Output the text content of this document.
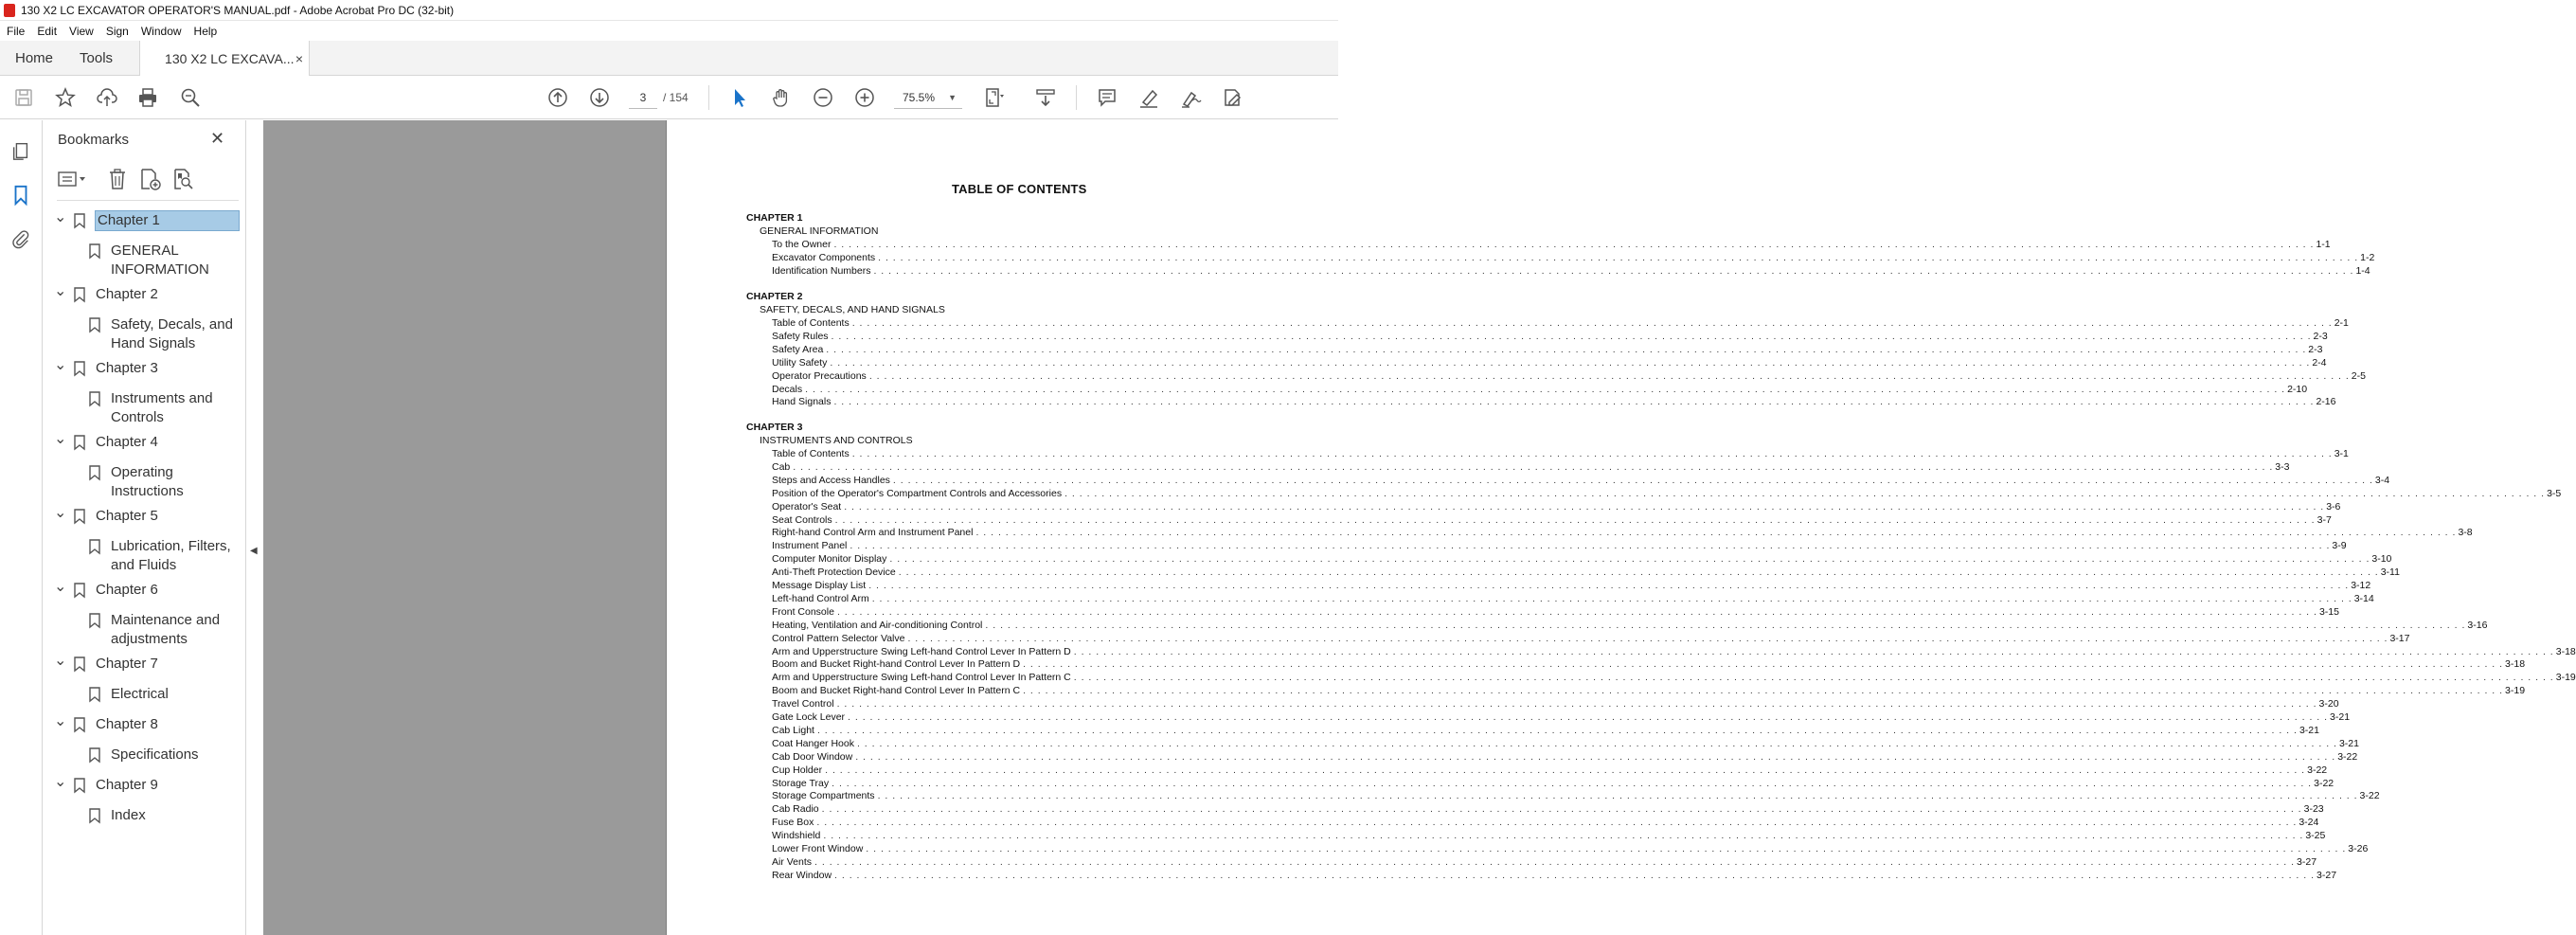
130 X2 LC EXCAVATOR OPERATOR'S MANUAL.pdf - Adobe Acrobat Pro DC (32-bit)
File	Edit	View	Sign	Window	Help
Home	Tools	130 X2 LC EXCAVA... ×
3	/ 154	75.5% ▼
Bookmarks	✕
⌄ Chapter 1
GENERAL
INFORMATION
⌄ Chapter 2
Safety, Decals, and
Hand Signals
⌄ Chapter 3
Instruments and
Controls
⌄ Chapter 4
Operating
Instructions
⌄ Chapter 5
Lubrication, Filters,
and Fluids
⌄ Chapter 6
Maintenance and
adjustments
⌄ Chapter 7
Electrical
⌄ Chapter 8
Specifications
⌄ Chapter 9
Index
◀
TABLE OF CONTENTS
CHAPTER 1
GENERAL INFORMATION
To the Owner . . . . . . . . . . . . . . . . . . . . . . . . . . . . . . . . . . . . . . . . . . . . . . . . . . . . . . . . . . . . . . . . . . . . . . . . . . . . . . . . . . . . . . . . . . . . . . . . . . . . . . . . . . . . . . . . . . . . . . . . . . . . . . . . . . . . . . . . . . . . . . . . . . . . . . . . . . . . . . . . . . . . . . . . . . . . . . . . . . . . . . . . . . . . . . . . . . . . . . . . 1-1
Excavator Components . . . . . . . . . . . . . . . . . . . . . . . . . . . . . . . . . . . . . . . . . . . . . . . . . . . . . . . . . . . . . . . . . . . . . . . . . . . . . . . . . . . . . . . . . . . . . . . . . . . . . . . . . . . . . . . . . . . . . . . . . . . . . . . . . . . . . . . . . . . . . . . . . . . . . . . . . . . . . . . . . . . . . . . . . . . . . . . . . . . . . . . . . . . . . . . . . . . . . . . . 1-2
Identification Numbers . . . . . . . . . . . . . . . . . . . . . . . . . . . . . . . . . . . . . . . . . . . . . . . . . . . . . . . . . . . . . . . . . . . . . . . . . . . . . . . . . . . . . . . . . . . . . . . . . . . . . . . . . . . . . . . . . . . . . . . . . . . . . . . . . . . . . . . . . . . . . . . . . . . . . . . . . . . . . . . . . . . . . . . . . . . . . . . . . . . . . . . . . . . . . . . . . . . . . . . . 1-4
CHAPTER 2
SAFETY, DECALS, AND HAND SIGNALS
Table of Contents . . . . . . . . . . . . . . . . . . . . . . . . . . . . . . . . . . . . . . . . . . . . . . . . . . . . . . . . . . . . . . . . . . . . . . . . . . . . . . . . . . . . . . . . . . . . . . . . . . . . . . . . . . . . . . . . . . . . . . . . . . . . . . . . . . . . . . . . . . . . . . . . . . . . . . . . . . . . . . . . . . . . . . . . . . . . . . . . . . . . . . . . . . . . . . . . . . . . . . . . 2-1
Safety Rules . . . . . . . . . . . . . . . . . . . . . . . . . . . . . . . . . . . . . . . . . . . . . . . . . . . . . . . . . . . . . . . . . . . . . . . . . . . . . . . . . . . . . . . . . . . . . . . . . . . . . . . . . . . . . . . . . . . . . . . . . . . . . . . . . . . . . . . . . . . . . . . . . . . . . . . . . . . . . . . . . . . . . . . . . . . . . . . . . . . . . . . . . . . . . . . . . . . . . . . . 2-3
Safety Area . . . . . . . . . . . . . . . . . . . . . . . . . . . . . . . . . . . . . . . . . . . . . . . . . . . . . . . . . . . . . . . . . . . . . . . . . . . . . . . . . . . . . . . . . . . . . . . . . . . . . . . . . . . . . . . . . . . . . . . . . . . . . . . . . . . . . . . . . . . . . . . . . . . . . . . . . . . . . . . . . . . . . . . . . . . . . . . . . . . . . . . . . . . . . . . . . . . . . . . . 2-3
Utility Safety . . . . . . . . . . . . . . . . . . . . . . . . . . . . . . . . . . . . . . . . . . . . . . . . . . . . . . . . . . . . . . . . . . . . . . . . . . . . . . . . . . . . . . . . . . . . . . . . . . . . . . . . . . . . . . . . . . . . . . . . . . . . . . . . . . . . . . . . . . . . . . . . . . . . . . . . . . . . . . . . . . . . . . . . . . . . . . . . . . . . . . . . . . . . . . . . . . . . . . . . 2-4
Operator Precautions . . . . . . . . . . . . . . . . . . . . . . . . . . . . . . . . . . . . . . . . . . . . . . . . . . . . . . . . . . . . . . . . . . . . . . . . . . . . . . . . . . . . . . . . . . . . . . . . . . . . . . . . . . . . . . . . . . . . . . . . . . . . . . . . . . . . . . . . . . . . . . . . . . . . . . . . . . . . . . . . . . . . . . . . . . . . . . . . . . . . . . . . . . . . . . . . . . . . . . . . 2-5
Decals . . . . . . . . . . . . . . . . . . . . . . . . . . . . . . . . . . . . . . . . . . . . . . . . . . . . . . . . . . . . . . . . . . . . . . . . . . . . . . . . . . . . . . . . . . . . . . . . . . . . . . . . . . . . . . . . . . . . . . . . . . . . . . . . . . . . . . . . . . . . . . . . . . . . . . . . . . . . . . . . . . . . . . . . . . . . . . . . . . . . . . . . . . . . . . . . . . . . . . . . 2-10
Hand Signals . . . . . . . . . . . . . . . . . . . . . . . . . . . . . . . . . . . . . . . . . . . . . . . . . . . . . . . . . . . . . . . . . . . . . . . . . . . . . . . . . . . . . . . . . . . . . . . . . . . . . . . . . . . . . . . . . . . . . . . . . . . . . . . . . . . . . . . . . . . . . . . . . . . . . . . . . . . . . . . . . . . . . . . . . . . . . . . . . . . . . . . . . . . . . . . . . . . . . . . . 2-16
CHAPTER 3
INSTRUMENTS AND CONTROLS
Table of Contents . . . . . . . . . . . . . . . . . . . . . . . . . . . . . . . . . . . . . . . . . . . . . . . . . . . . . . . . . . . . . . . . . . . . . . . . . . . . . . . . . . . . . . . . . . . . . . . . . . . . . . . . . . . . . . . . . . . . . . . . . . . . . . . . . . . . . . . . . . . . . . . . . . . . . . . . . . . . . . . . . . . . . . . . . . . . . . . . . . . . . . . . . . . . . . . . . . . . . . . . 3-1
Cab . . . . . . . . . . . . . . . . . . . . . . . . . . . . . . . . . . . . . . . . . . . . . . . . . . . . . . . . . . . . . . . . . . . . . . . . . . . . . . . . . . . . . . . . . . . . . . . . . . . . . . . . . . . . . . . . . . . . . . . . . . . . . . . . . . . . . . . . . . . . . . . . . . . . . . . . . . . . . . . . . . . . . . . . . . . . . . . . . . . . . . . . . . . . . . . . . . . . . . . . 3-3
Steps and Access Handles . . . . . . . . . . . . . . . . . . . . . . . . . . . . . . . . . . . . . . . . . . . . . . . . . . . . . . . . . . . . . . . . . . . . . . . . . . . . . . . . . . . . . . . . . . . . . . . . . . . . . . . . . . . . . . . . . . . . . . . . . . . . . . . . . . . . . . . . . . . . . . . . . . . . . . . . . . . . . . . . . . . . . . . . . . . . . . . . . . . . . . . . . . . . . . . . . . . . . . . . 3-4
Position of the Operator's Compartment Controls and Accessories . . . . . . . . . . . . . . . . . . . . . . . . . . . . . . . . . . . . . . . . . . . . . . . . . . . . . . . . . . . . . . . . . . . . . . . . . . . . . . . . . . . . . . . . . . . . . . . . . . . . . . . . . . . . . . . . . . . . . . . . . . . . . . . . . . . . . . . . . . . . . . . . . . . . . . . . . . . . . . . . . . . . . . . . . . . . . . . . . . . . . . . . . . . . . . . . . . . . . . . . 3-5
Operator's Seat . . . . . . . . . . . . . . . . . . . . . . . . . . . . . . . . . . . . . . . . . . . . . . . . . . . . . . . . . . . . . . . . . . . . . . . . . . . . . . . . . . . . . . . . . . . . . . . . . . . . . . . . . . . . . . . . . . . . . . . . . . . . . . . . . . . . . . . . . . . . . . . . . . . . . . . . . . . . . . . . . . . . . . . . . . . . . . . . . . . . . . . . . . . . . . . . . . . . . . . . 3-6
Seat Controls . . . . . . . . . . . . . . . . . . . . . . . . . . . . . . . . . . . . . . . . . . . . . . . . . . . . . . . . . . . . . . . . . . . . . . . . . . . . . . . . . . . . . . . . . . . . . . . . . . . . . . . . . . . . . . . . . . . . . . . . . . . . . . . . . . . . . . . . . . . . . . . . . . . . . . . . . . . . . . . . . . . . . . . . . . . . . . . . . . . . . . . . . . . . . . . . . . . . . . . . 3-7
Right-hand Control Arm and Instrument Panel . . . . . . . . . . . . . . . . . . . . . . . . . . . . . . . . . . . . . . . . . . . . . . . . . . . . . . . . . . . . . . . . . . . . . . . . . . . . . . . . . . . . . . . . . . . . . . . . . . . . . . . . . . . . . . . . . . . . . . . . . . . . . . . . . . . . . . . . . . . . . . . . . . . . . . . . . . . . . . . . . . . . . . . . . . . . . . . . . . . . . . . . . . . . . . . . . . . . . . . . 3-8
Instrument Panel . . . . . . . . . . . . . . . . . . . . . . . . . . . . . . . . . . . . . . . . . . . . . . . . . . . . . . . . . . . . . . . . . . . . . . . . . . . . . . . . . . . . . . . . . . . . . . . . . . . . . . . . . . . . . . . . . . . . . . . . . . . . . . . . . . . . . . . . . . . . . . . . . . . . . . . . . . . . . . . . . . . . . . . . . . . . . . . . . . . . . . . . . . . . . . . . . . . . . . . . 3-9
Computer Monitor Display . . . . . . . . . . . . . . . . . . . . . . . . . . . . . . . . . . . . . . . . . . . . . . . . . . . . . . . . . . . . . . . . . . . . . . . . . . . . . . . . . . . . . . . . . . . . . . . . . . . . . . . . . . . . . . . . . . . . . . . . . . . . . . . . . . . . . . . . . . . . . . . . . . . . . . . . . . . . . . . . . . . . . . . . . . . . . . . . . . . . . . . . . . . . . . . . . . . . . . . . 3-10
Anti-Theft Protection Device . . . . . . . . . . . . . . . . . . . . . . . . . . . . . . . . . . . . . . . . . . . . . . . . . . . . . . . . . . . . . . . . . . . . . . . . . . . . . . . . . . . . . . . . . . . . . . . . . . . . . . . . . . . . . . . . . . . . . . . . . . . . . . . . . . . . . . . . . . . . . . . . . . . . . . . . . . . . . . . . . . . . . . . . . . . . . . . . . . . . . . . . . . . . . . . . . . . . . . . . 3-11
Message Display List . . . . . . . . . . . . . . . . . . . . . . . . . . . . . . . . . . . . . . . . . . . . . . . . . . . . . . . . . . . . . . . . . . . . . . . . . . . . . . . . . . . . . . . . . . . . . . . . . . . . . . . . . . . . . . . . . . . . . . . . . . . . . . . . . . . . . . . . . . . . . . . . . . . . . . . . . . . . . . . . . . . . . . . . . . . . . . . . . . . . . . . . . . . . . . . . . . . . . . . . 3-12
Left-hand Control Arm . . . . . . . . . . . . . . . . . . . . . . . . . . . . . . . . . . . . . . . . . . . . . . . . . . . . . . . . . . . . . . . . . . . . . . . . . . . . . . . . . . . . . . . . . . . . . . . . . . . . . . . . . . . . . . . . . . . . . . . . . . . . . . . . . . . . . . . . . . . . . . . . . . . . . . . . . . . . . . . . . . . . . . . . . . . . . . . . . . . . . . . . . . . . . . . . . . . . . . . . 3-14
Front Console . . . . . . . . . . . . . . . . . . . . . . . . . . . . . . . . . . . . . . . . . . . . . . . . . . . . . . . . . . . . . . . . . . . . . . . . . . . . . . . . . . . . . . . . . . . . . . . . . . . . . . . . . . . . . . . . . . . . . . . . . . . . . . . . . . . . . . . . . . . . . . . . . . . . . . . . . . . . . . . . . . . . . . . . . . . . . . . . . . . . . . . . . . . . . . . . . . . . . . . . 3-15
Heating, Ventilation and Air-conditioning Control . . . . . . . . . . . . . . . . . . . . . . . . . . . . . . . . . . . . . . . . . . . . . . . . . . . . . . . . . . . . . . . . . . . . . . . . . . . . . . . . . . . . . . . . . . . . . . . . . . . . . . . . . . . . . . . . . . . . . . . . . . . . . . . . . . . . . . . . . . . . . . . . . . . . . . . . . . . . . . . . . . . . . . . . . . . . . . . . . . . . . . . . . . . . . . . . . . . . . . . . 3-16
Control Pattern Selector Valve . . . . . . . . . . . . . . . . . . . . . . . . . . . . . . . . . . . . . . . . . . . . . . . . . . . . . . . . . . . . . . . . . . . . . . . . . . . . . . . . . . . . . . . . . . . . . . . . . . . . . . . . . . . . . . . . . . . . . . . . . . . . . . . . . . . . . . . . . . . . . . . . . . . . . . . . . . . . . . . . . . . . . . . . . . . . . . . . . . . . . . . . . . . . . . . . . . . . . . . . 3-17
Arm and Upperstructure Swing Left-hand Control Lever In Pattern D . . . . . . . . . . . . . . . . . . . . . . . . . . . . . . . . . . . . . . . . . . . . . . . . . . . . . . . . . . . . . . . . . . . . . . . . . . . . . . . . . . . . . . . . . . . . . . . . . . . . . . . . . . . . . . . . . . . . . . . . . . . . . . . . . . . . . . . . . . . . . . . . . . . . . . . . . . . . . . . . . . . . . . . . . . . . . . . . . . . . . . . . . . . . . . . . . . . . . . . . 3-18
Boom and Bucket Right-hand Control Lever In Pattern D . . . . . . . . . . . . . . . . . . . . . . . . . . . . . . . . . . . . . . . . . . . . . . . . . . . . . . . . . . . . . . . . . . . . . . . . . . . . . . . . . . . . . . . . . . . . . . . . . . . . . . . . . . . . . . . . . . . . . . . . . . . . . . . . . . . . . . . . . . . . . . . . . . . . . . . . . . . . . . . . . . . . . . . . . . . . . . . . . . . . . . . . . . . . . . . . . . . . . . . . 3-18
Arm and Upperstructure Swing Left-hand Control Lever In Pattern C . . . . . . . . . . . . . . . . . . . . . . . . . . . . . . . . . . . . . . . . . . . . . . . . . . . . . . . . . . . . . . . . . . . . . . . . . . . . . . . . . . . . . . . . . . . . . . . . . . . . . . . . . . . . . . . . . . . . . . . . . . . . . . . . . . . . . . . . . . . . . . . . . . . . . . . . . . . . . . . . . . . . . . . . . . . . . . . . . . . . . . . . . . . . . . . . . . . . . . . . 3-19
Boom and Bucket Right-hand Control Lever In Pattern C . . . . . . . . . . . . . . . . . . . . . . . . . . . . . . . . . . . . . . . . . . . . . . . . . . . . . . . . . . . . . . . . . . . . . . . . . . . . . . . . . . . . . . . . . . . . . . . . . . . . . . . . . . . . . . . . . . . . . . . . . . . . . . . . . . . . . . . . . . . . . . . . . . . . . . . . . . . . . . . . . . . . . . . . . . . . . . . . . . . . . . . . . . . . . . . . . . . . . . . . 3-19
Travel Control . . . . . . . . . . . . . . . . . . . . . . . . . . . . . . . . . . . . . . . . . . . . . . . . . . . . . . . . . . . . . . . . . . . . . . . . . . . . . . . . . . . . . . . . . . . . . . . . . . . . . . . . . . . . . . . . . . . . . . . . . . . . . . . . . . . . . . . . . . . . . . . . . . . . . . . . . . . . . . . . . . . . . . . . . . . . . . . . . . . . . . . . . . . . . . . . . . . . . . . . 3-20
Gate Lock Lever . . . . . . . . . . . . . . . . . . . . . . . . . . . . . . . . . . . . . . . . . . . . . . . . . . . . . . . . . . . . . . . . . . . . . . . . . . . . . . . . . . . . . . . . . . . . . . . . . . . . . . . . . . . . . . . . . . . . . . . . . . . . . . . . . . . . . . . . . . . . . . . . . . . . . . . . . . . . . . . . . . . . . . . . . . . . . . . . . . . . . . . . . . . . . . . . . . . . . . . . 3-21
Cab Light . . . . . . . . . . . . . . . . . . . . . . . . . . . . . . . . . . . . . . . . . . . . . . . . . . . . . . . . . . . . . . . . . . . . . . . . . . . . . . . . . . . . . . . . . . . . . . . . . . . . . . . . . . . . . . . . . . . . . . . . . . . . . . . . . . . . . . . . . . . . . . . . . . . . . . . . . . . . . . . . . . . . . . . . . . . . . . . . . . . . . . . . . . . . . . . . . . . . . . . . 3-21
Coat Hanger Hook . . . . . . . . . . . . . . . . . . . . . . . . . . . . . . . . . . . . . . . . . . . . . . . . . . . . . . . . . . . . . . . . . . . . . . . . . . . . . . . . . . . . . . . . . . . . . . . . . . . . . . . . . . . . . . . . . . . . . . . . . . . . . . . . . . . . . . . . . . . . . . . . . . . . . . . . . . . . . . . . . . . . . . . . . . . . . . . . . . . . . . . . . . . . . . . . . . . . . . . . 3-21
Cab Door Window . . . . . . . . . . . . . . . . . . . . . . . . . . . . . . . . . . . . . . . . . . . . . . . . . . . . . . . . . . . . . . . . . . . . . . . . . . . . . . . . . . . . . . . . . . . . . . . . . . . . . . . . . . . . . . . . . . . . . . . . . . . . . . . . . . . . . . . . . . . . . . . . . . . . . . . . . . . . . . . . . . . . . . . . . . . . . . . . . . . . . . . . . . . . . . . . . . . . . . . . 3-22
Cup Holder . . . . . . . . . . . . . . . . . . . . . . . . . . . . . . . . . . . . . . . . . . . . . . . . . . . . . . . . . . . . . . . . . . . . . . . . . . . . . . . . . . . . . . . . . . . . . . . . . . . . . . . . . . . . . . . . . . . . . . . . . . . . . . . . . . . . . . . . . . . . . . . . . . . . . . . . . . . . . . . . . . . . . . . . . . . . . . . . . . . . . . . . . . . . . . . . . . . . . . . . 3-22
Storage Tray . . . . . . . . . . . . . . . . . . . . . . . . . . . . . . . . . . . . . . . . . . . . . . . . . . . . . . . . . . . . . . . . . . . . . . . . . . . . . . . . . . . . . . . . . . . . . . . . . . . . . . . . . . . . . . . . . . . . . . . . . . . . . . . . . . . . . . . . . . . . . . . . . . . . . . . . . . . . . . . . . . . . . . . . . . . . . . . . . . . . . . . . . . . . . . . . . . . . . . . . 3-22
Storage Compartments . . . . . . . . . . . . . . . . . . . . . . . . . . . . . . . . . . . . . . . . . . . . . . . . . . . . . . . . . . . . . . . . . . . . . . . . . . . . . . . . . . . . . . . . . . . . . . . . . . . . . . . . . . . . . . . . . . . . . . . . . . . . . . . . . . . . . . . . . . . . . . . . . . . . . . . . . . . . . . . . . . . . . . . . . . . . . . . . . . . . . . . . . . . . . . . . . . . . . . . . 3-22
Cab Radio . . . . . . . . . . . . . . . . . . . . . . . . . . . . . . . . . . . . . . . . . . . . . . . . . . . . . . . . . . . . . . . . . . . . . . . . . . . . . . . . . . . . . . . . . . . . . . . . . . . . . . . . . . . . . . . . . . . . . . . . . . . . . . . . . . . . . . . . . . . . . . . . . . . . . . . . . . . . . . . . . . . . . . . . . . . . . . . . . . . . . . . . . . . . . . . . . . . . . . . . 3-23
Fuse Box . . . . . . . . . . . . . . . . . . . . . . . . . . . . . . . . . . . . . . . . . . . . . . . . . . . . . . . . . . . . . . . . . . . . . . . . . . . . . . . . . . . . . . . . . . . . . . . . . . . . . . . . . . . . . . . . . . . . . . . . . . . . . . . . . . . . . . . . . . . . . . . . . . . . . . . . . . . . . . . . . . . . . . . . . . . . . . . . . . . . . . . . . . . . . . . . . . . . . . . . 3-24
Windshield . . . . . . . . . . . . . . . . . . . . . . . . . . . . . . . . . . . . . . . . . . . . . . . . . . . . . . . . . . . . . . . . . . . . . . . . . . . . . . . . . . . . . . . . . . . . . . . . . . . . . . . . . . . . . . . . . . . . . . . . . . . . . . . . . . . . . . . . . . . . . . . . . . . . . . . . . . . . . . . . . . . . . . . . . . . . . . . . . . . . . . . . . . . . . . . . . . . . . . . . 3-25
Lower Front Window . . . . . . . . . . . . . . . . . . . . . . . . . . . . . . . . . . . . . . . . . . . . . . . . . . . . . . . . . . . . . . . . . . . . . . . . . . . . . . . . . . . . . . . . . . . . . . . . . . . . . . . . . . . . . . . . . . . . . . . . . . . . . . . . . . . . . . . . . . . . . . . . . . . . . . . . . . . . . . . . . . . . . . . . . . . . . . . . . . . . . . . . . . . . . . . . . . . . . . . . 3-26
Air Vents . . . . . . . . . . . . . . . . . . . . . . . . . . . . . . . . . . . . . . . . . . . . . . . . . . . . . . . . . . . . . . . . . . . . . . . . . . . . . . . . . . . . . . . . . . . . . . . . . . . . . . . . . . . . . . . . . . . . . . . . . . . . . . . . . . . . . . . . . . . . . . . . . . . . . . . . . . . . . . . . . . . . . . . . . . . . . . . . . . . . . . . . . . . . . . . . . . . . . . . . 3-27
Rear Window . . . . . . . . . . . . . . . . . . . . . . . . . . . . . . . . . . . . . . . . . . . . . . . . . . . . . . . . . . . . . . . . . . . . . . . . . . . . . . . . . . . . . . . . . . . . . . . . . . . . . . . . . . . . . . . . . . . . . . . . . . . . . . . . . . . . . . . . . . . . . . . . . . . . . . . . . . . . . . . . . . . . . . . . . . . . . . . . . . . . . . . . . . . . . . . . . . . . . . . . 3-27
